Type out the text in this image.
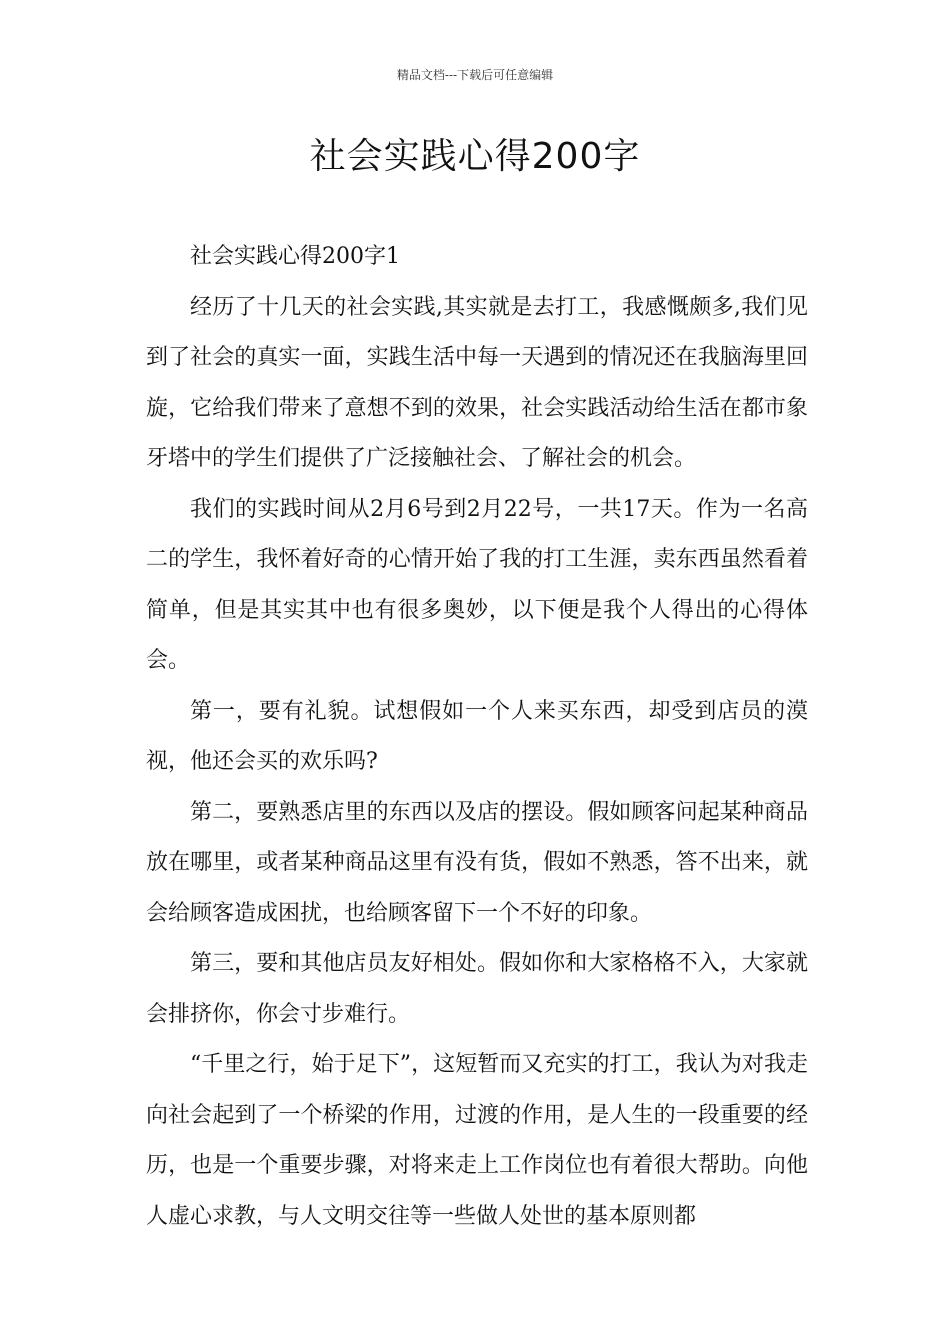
精品文档---下载后可任意编辑
社会实践心得200字

社会实践心得200字1

经历了十几天的社会实践,其实就是去打工，我感慨颇多,我们见到了社会的真实一面，实践生活中每一天遇到的情况还在我脑海里回旋，它给我们带来了意想不到的效果，社会实践活动给生活在都市象牙塔中的学生们提供了广泛接触社会、了解社会的机会。

我们的实践时间从2月6号到2月22号，一共17天。作为一名高二的学生，我怀着好奇的心情开始了我的打工生涯，卖东西虽然看着简单，但是其实其中也有很多奥妙，以下便是我个人得出的心得体会。

第一，要有礼貌。试想假如一个人来买东西，却受到店员的漠视，他还会买的欢乐吗?

第二，要熟悉店里的东西以及店的摆设。假如顾客问起某种商品放在哪里，或者某种商品这里有没有货，假如不熟悉，答不出来，就会给顾客造成困扰，也给顾客留下一个不好的印象。

第三，要和其他店员友好相处。假如你和大家格格不入，大家就会排挤你，你会寸步难行。

“千里之行，始于足下”，这短暂而又充实的打工，我认为对我走向社会起到了一个桥梁的作用，过渡的作用，是人生的一段重要的经历，也是一个重要步骤，对将来走上工作岗位也有着很大帮助。向他人虚心求教，与人文明交往等一些做人处世的基本原则都
